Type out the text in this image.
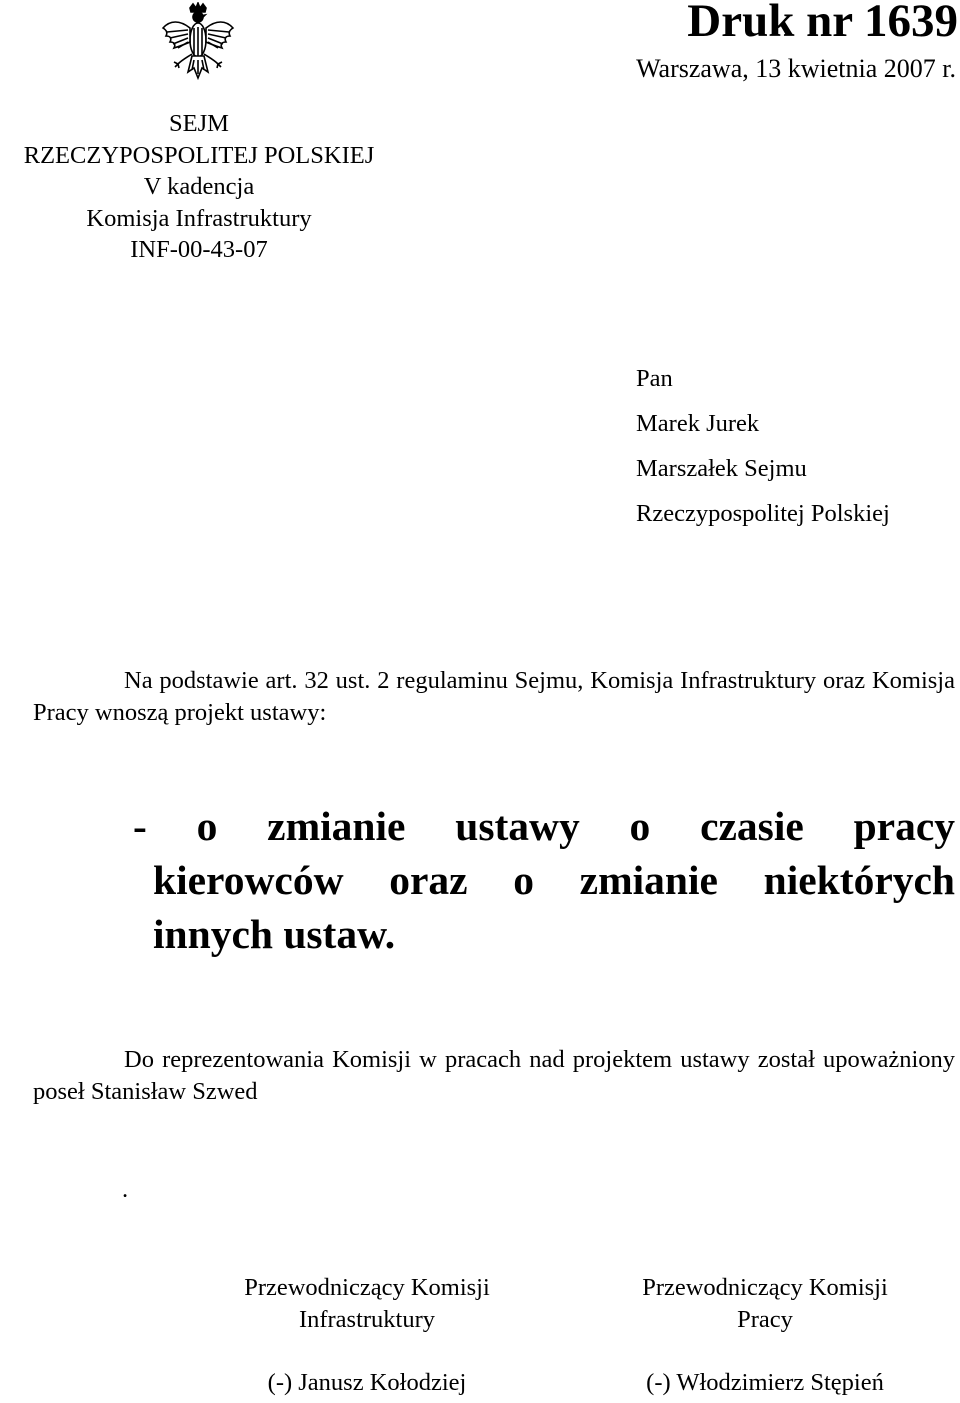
Druk nr 1639
Warszawa, 13 kwietnia 2007 r.
SEJM
RZECZYPOSPOLITEJ POLSKIEJ
V kadencja
Komisja Infrastruktury
INF-00-43-07
Pan
Marek Jurek
Marszałek Sejmu
Rzeczypospolitej Polskiej
Na podstawie art. 32 ust. 2 regulaminu Sejmu, Komisja Infrastruktury oraz Komisja Pracy wnoszą projekt ustawy:
- o zmianie ustawy o czasie pracy
kierowców oraz o zmianie niektórych
innych ustaw.
Do reprezentowania Komisji w pracach nad projektem ustawy został upoważniony poseł Stanisław Szwed
.
Przewodniczący Komisji
Infrastruktury
(-) Janusz Kołodziej
Przewodniczący Komisji
Pracy
(-) Włodzimierz Stępień
